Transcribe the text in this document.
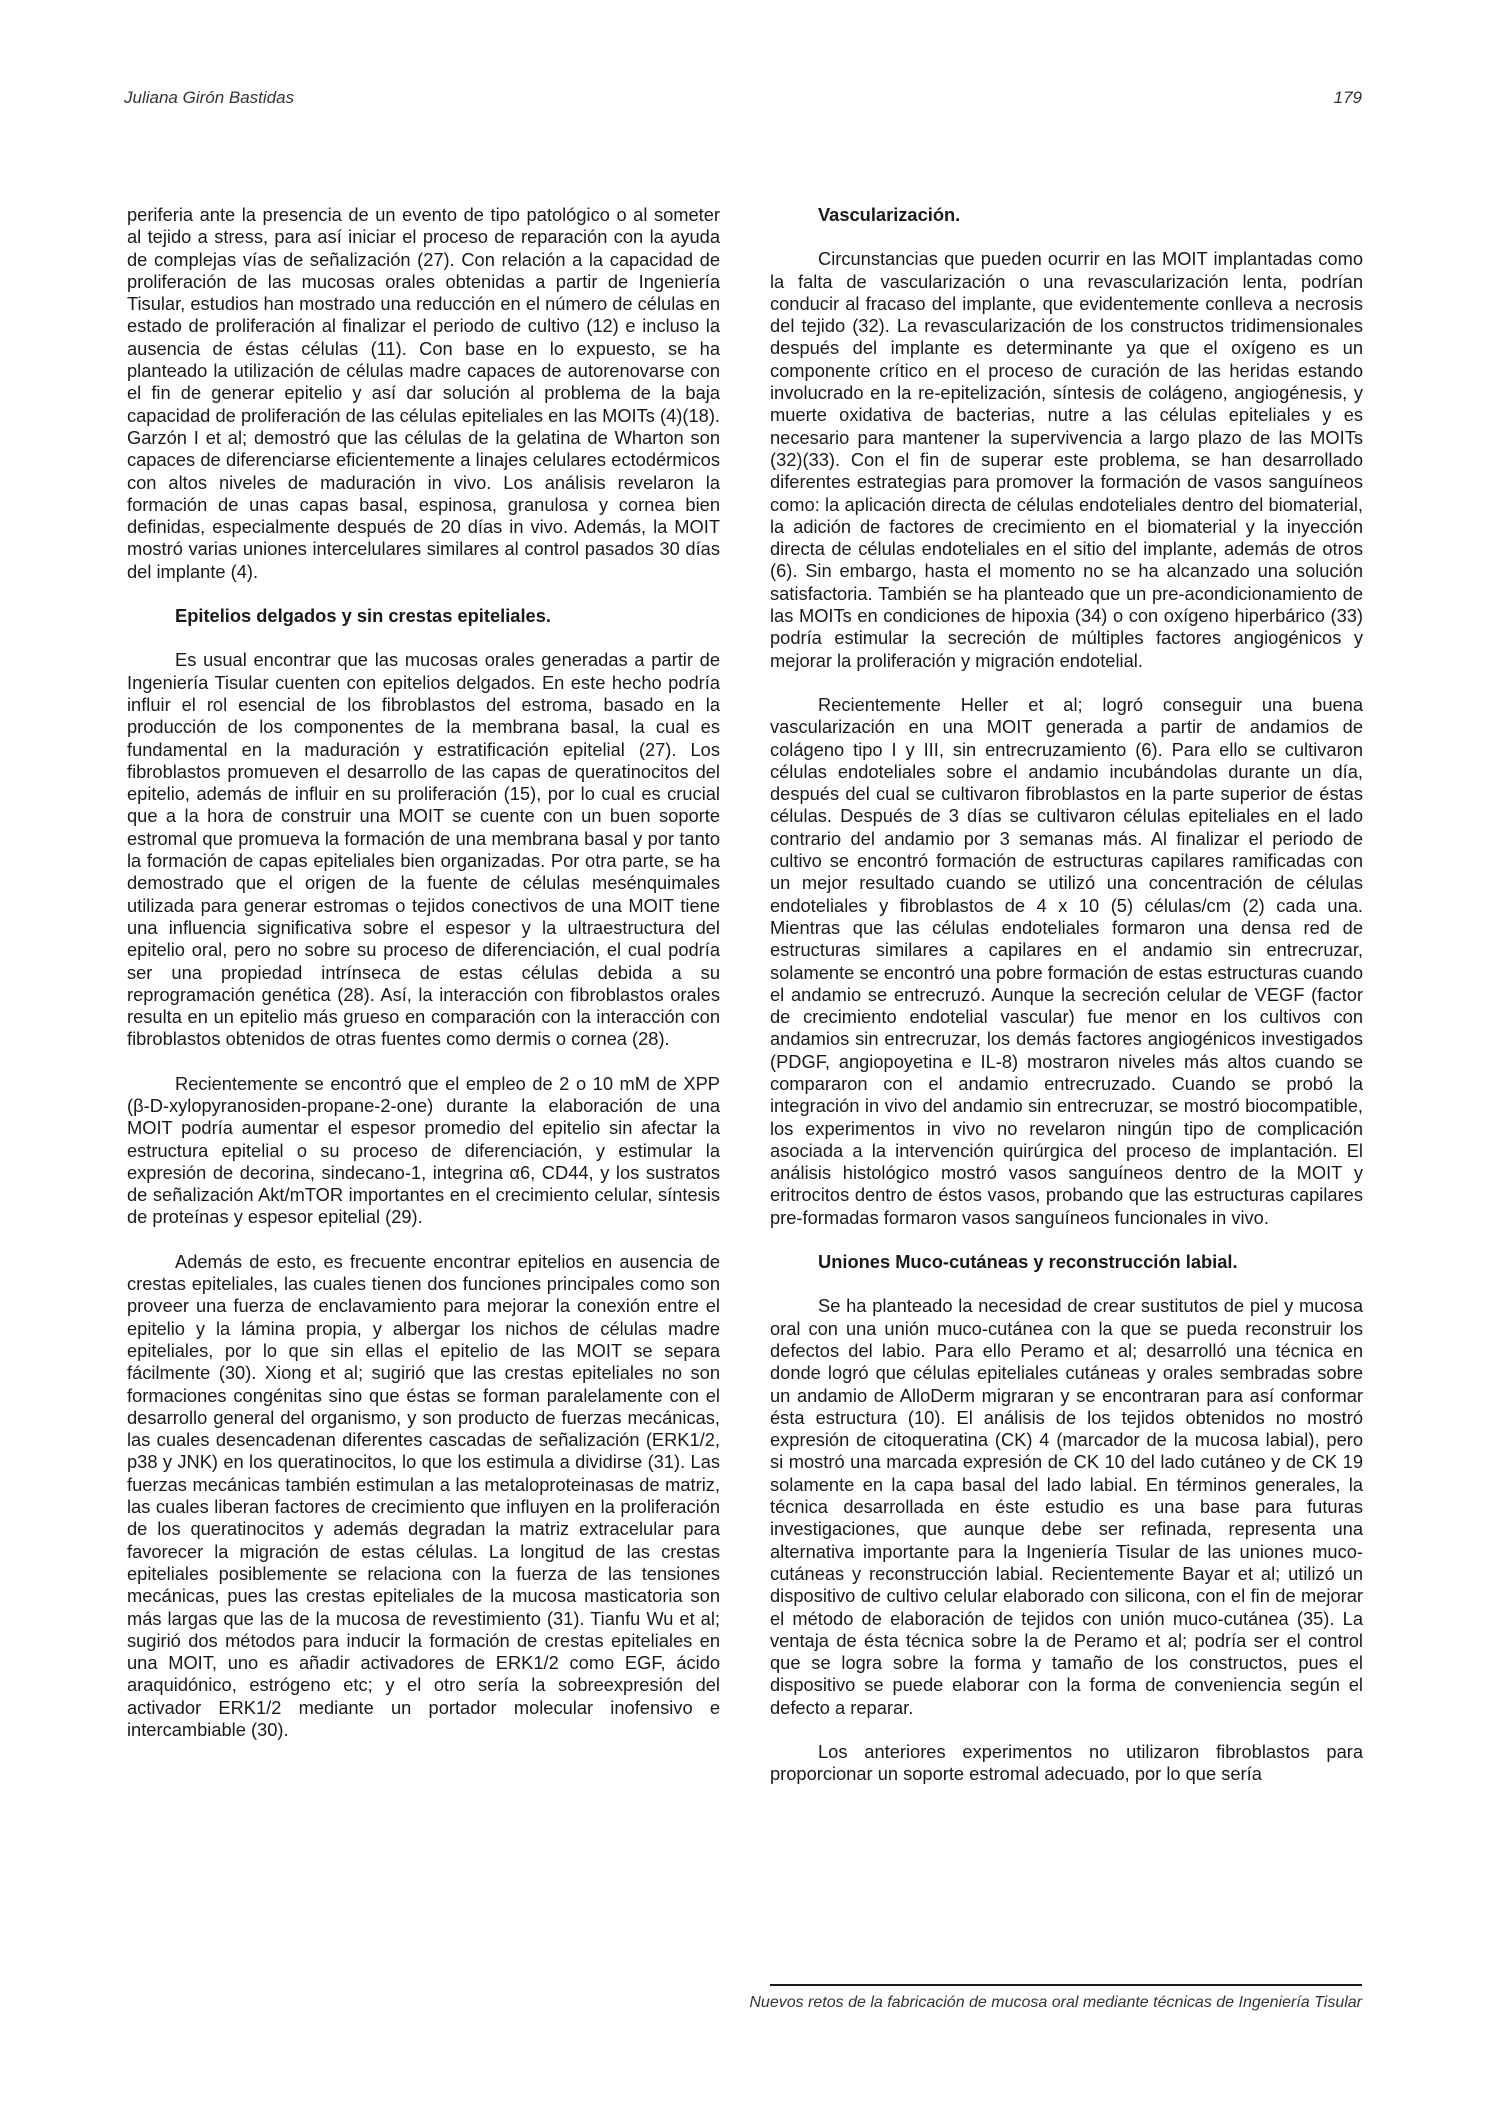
Juliana Girón Bastidas	179

periferia ante la presencia de un evento de tipo patológico o al someter al tejido a stress, para así iniciar el proceso de reparación con la ayuda de complejas vías de señalización (27). Con relación a la capacidad de proliferación de las mucosas orales obtenidas a partir de Ingeniería Tisular, estudios han mostrado una reducción en el número de células en estado de proliferación al finalizar el periodo de cultivo (12) e incluso la ausencia de éstas células (11). Con base en lo expuesto, se ha planteado la utilización de células madre capaces de autorenovarse con el fin de generar epitelio y así dar solución al problema de la baja capacidad de proliferación de las células epiteliales en las MOITs (4)(18). Garzón I et al; demostró que las células de la gelatina de Wharton son capaces de diferenciarse eficientemente a linajes celulares ectodérmicos con altos niveles de maduración in vivo. Los análisis revelaron la formación de unas capas basal, espinosa, granulosa y cornea bien definidas, especialmente después de 20 días in vivo. Además, la MOIT mostró varias uniones intercelulares similares al control pasados 30 días del implante (4).

Epitelios delgados y sin crestas epiteliales.

Es usual encontrar que las mucosas orales generadas a partir de Ingeniería Tisular cuenten con epitelios delgados. En este hecho podría influir el rol esencial de los fibroblastos del estroma, basado en la producción de los componentes de la membrana basal, la cual es fundamental en la maduración y estratificación epitelial (27). Los fibroblastos promueven el desarrollo de las capas de queratinocitos del epitelio, además de influir en su proliferación (15), por lo cual es crucial que a la hora de construir una MOIT se cuente con un buen soporte estromal que promueva la formación de una membrana basal y por tanto la formación de capas epiteliales bien organizadas. Por otra parte, se ha demostrado que el origen de la fuente de células mesénquimales utilizada para generar estromas o tejidos conectivos de una MOIT tiene una influencia significativa sobre el espesor y la ultraestructura del epitelio oral, pero no sobre su proceso de diferenciación, el cual podría ser una propiedad intrínseca de estas células debida a su reprogramación genética (28). Así, la interacción con fibroblastos orales resulta en un epitelio más grueso en comparación con la interacción con fibroblastos obtenidos de otras fuentes como dermis o cornea (28).

Recientemente se encontró que el empleo de 2 o 10 mM de XPP (β-D-xylopyranosiden-propane-2-one) durante la elaboración de una MOIT podría aumentar el espesor promedio del epitelio sin afectar la estructura epitelial o su proceso de diferenciación, y estimular la expresión de decorina, sindecano-1, integrina α6, CD44, y los sustratos de señalización Akt/mTOR importantes en el crecimiento celular, síntesis de proteínas y espesor epitelial (29).

Además de esto, es frecuente encontrar epitelios en ausencia de crestas epiteliales, las cuales tienen dos funciones principales como son proveer una fuerza de enclavamiento para mejorar la conexión entre el epitelio y la lámina propia, y albergar los nichos de células madre epiteliales, por lo que sin ellas el epitelio de las MOIT se separa fácilmente (30). Xiong et al; sugirió que las crestas epiteliales no son formaciones congénitas sino que éstas se forman paralelamente con el desarrollo general del organismo, y son producto de fuerzas mecánicas, las cuales desencadenan diferentes cascadas de señalización (ERK1/2, p38 y JNK) en los queratinocitos, lo que los estimula a dividirse (31). Las fuerzas mecánicas también estimulan a las metaloproteinasas de matriz, las cuales liberan factores de crecimiento que influyen en la proliferación de los queratinocitos y además degradan la matriz extracelular para favorecer la migración de estas células. La longitud de las crestas epiteliales posiblemente se relaciona con la fuerza de las tensiones mecánicas, pues las crestas epiteliales de la mucosa masticatoria son más largas que las de la mucosa de revestimiento (31). Tianfu Wu et al; sugirió dos métodos para inducir la formación de crestas epiteliales en una MOIT, uno es añadir activadores de ERK1/2 como EGF, ácido araquidónico, estrógeno etc; y el otro sería la sobreexpresión del activador ERK1/2 mediante un portador molecular inofensivo e intercambiable (30).

Vascularización.

Circunstancias que pueden ocurrir en las MOIT implantadas como la falta de vascularización o una revascularización lenta, podrían conducir al fracaso del implante, que evidentemente conlleva a necrosis del tejido (32). La revascularización de los constructos tridimensionales después del implante es determinante ya que el oxígeno es un componente crítico en el proceso de curación de las heridas estando involucrado en la re-epitelización, síntesis de colágeno, angiogénesis, y muerte oxidativa de bacterias, nutre a las células epiteliales y es necesario para mantener la supervivencia a largo plazo de las MOITs (32)(33). Con el fin de superar este problema, se han desarrollado diferentes estrategias para promover la formación de vasos sanguíneos como: la aplicación directa de células endoteliales dentro del biomaterial, la adición de factores de crecimiento en el biomaterial y la inyección directa de células endoteliales en el sitio del implante, además de otros (6). Sin embargo, hasta el momento no se ha alcanzado una solución satisfactoria. También se ha planteado que un pre-acondicionamiento de las MOITs en condiciones de hipoxia (34) o con oxígeno hiperbárico (33) podría estimular la secreción de múltiples factores angiogénicos y mejorar la proliferación y migración endotelial.

Recientemente Heller et al; logró conseguir una buena vascularización en una MOIT generada a partir de andamios de colágeno tipo I y III, sin entrecruzamiento (6). Para ello se cultivaron células endoteliales sobre el andamio incubándolas durante un día, después del cual se cultivaron fibroblastos en la parte superior de éstas células. Después de 3 días se cultivaron células epiteliales en el lado contrario del andamio por 3 semanas más. Al finalizar el periodo de cultivo se encontró formación de estructuras capilares ramificadas con un mejor resultado cuando se utilizó una concentración de células endoteliales y fibroblastos de 4 x 10 (5) células/cm (2) cada una. Mientras que las células endoteliales formaron una densa red de estructuras similares a capilares en el andamio sin entrecruzar, solamente se encontró una pobre formación de estas estructuras cuando el andamio se entrecruzó. Aunque la secreción celular de VEGF (factor de crecimiento endotelial vascular) fue menor en los cultivos con andamios sin entrecruzar, los demás factores angiogénicos investigados (PDGF, angiopoyetina e IL-8) mostraron niveles más altos cuando se compararon con el andamio entrecruzado. Cuando se probó la integración in vivo del andamio sin entrecruzar, se mostró biocompatible, los experimentos in vivo no revelaron ningún tipo de complicación asociada a la intervención quirúrgica del proceso de implantación. El análisis histológico mostró vasos sanguíneos dentro de la MOIT y eritrocitos dentro de éstos vasos, probando que las estructuras capilares pre-formadas formaron vasos sanguíneos funcionales in vivo.

Uniones Muco-cutáneas y reconstrucción labial.

Se ha planteado la necesidad de crear sustitutos de piel y mucosa oral con una unión muco-cutánea con la que se pueda reconstruir los defectos del labio. Para ello Peramo et al; desarrolló una técnica en donde logró que células epiteliales cutáneas y orales sembradas sobre un andamio de AlloDerm migraran y se encontraran para así conformar ésta estructura (10). El análisis de los tejidos obtenidos no mostró expresión de citoqueratina (CK) 4 (marcador de la mucosa labial), pero si mostró una marcada expresión de CK 10 del lado cutáneo y de CK 19 solamente en la capa basal del lado labial. En términos generales, la técnica desarrollada en éste estudio es una base para futuras investigaciones, que aunque debe ser refinada, representa una alternativa importante para la Ingeniería Tisular de las uniones muco-cutáneas y reconstrucción labial. Recientemente Bayar et al; utilizó un dispositivo de cultivo celular elaborado con silicona, con el fin de mejorar el método de elaboración de tejidos con unión muco-cutánea (35). La ventaja de ésta técnica sobre la de Peramo et al; podría ser el control que se logra sobre la forma y tamaño de los constructos, pues el dispositivo se puede elaborar con la forma de conveniencia según el defecto a reparar.

Los anteriores experimentos no utilizaron fibroblastos para proporcionar un soporte estromal adecuado, por lo que sería

Nuevos retos de la fabricación de mucosa oral mediante técnicas de Ingeniería Tisular
